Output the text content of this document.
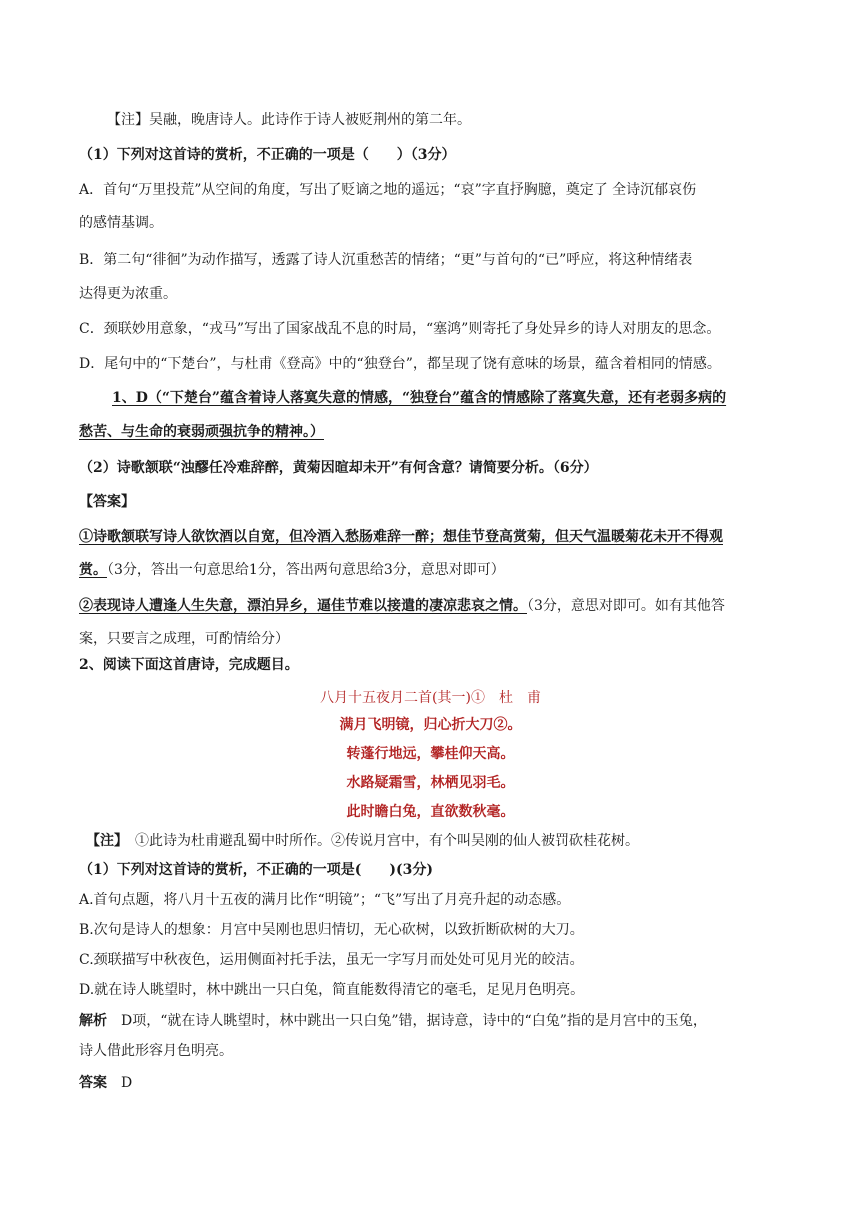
【注】吴融，晚唐诗人。此诗作于诗人被贬荆州的第二年。
（1）下列对这首诗的赏析，不正确的一项是（　　）（3分）
A．首句“万里投荒”从空间的角度，写出了贬谪之地的遥远；“哀”字直抒胸臆，奠定了 全诗沉郁哀伤
的感情基调。
B．第二句“徘徊”为动作描写，透露了诗人沉重愁苦的情绪；“更”与首句的“已”呼应，将这种情绪表
达得更为浓重。
C．颈联妙用意象，“戎马”写出了国家战乱不息的时局，“塞鸿”则寄托了身处异乡的诗人对朋友的思念。
D．尾句中的“下楚台”，与杜甫《登高》中的“独登台”，都呈现了饶有意味的场景，蕴含着相同的情感。
1、D（“下楚台”蕴含着诗人落寞失意的情感，“独登台”蕴含的情感除了落寞失意，还有老弱多病的
愁苦、与生命的衰弱顽强抗争的精神。）
（2）诗歌颔联“浊醪任冷难辞醉，黄菊因暄却未开”有何含意？请简要分析。（6分）
【答案】
①诗歌颔联写诗人欲饮酒以自宽，但冷酒入愁肠难辞一醉；想佳节登高赏菊，但天气温暖菊花未开不得观
赏。（3分，答出一句意思给1分，答出两句意思给3分，意思对即可）
②表现诗人遭逢人生失意，漂泊异乡，逼佳节难以接遣的凄凉悲哀之情。（3分，意思对即可。如有其他答
案，只要言之成理，可酌情给分）
2、阅读下面这首唐诗，完成题目。
八月十五夜月二首(其一)①　杜　甫
满月飞明镜，归心折大刀②。
转蓬行地远，攀桂仰天高。
水路疑霜雪，林栖见羽毛。
此时瞻白兔，直欲数秋毫。
【注】　 ①此诗为杜甫避乱蜀中时所作。②传说月宫中，有个叫吴刚的仙人被罚砍桂花树。
（1）下列对这首诗的赏析，不正确的一项是(　　)(3分)
A.首句点题，将八月十五夜的满月比作“明镜”；“飞”写出了月亮升起的动态感。
B.次句是诗人的想象：月宫中吴刚也思归情切，无心砍树，以致折断砍树的大刀。
C.颈联描写中秋夜色，运用侧面衬托手法，虽无一字写月而处处可见月光的皎洁。
D.就在诗人眺望时，林中跳出一只白兔，简直能数得清它的毫毛，足见月色明亮。
解析　 D项，“就在诗人眺望时，林中跳出一只白兔”错，据诗意，诗中的“白兔”指的是月宫中的玉兔，
诗人借此形容月色明亮。
答案　 D
